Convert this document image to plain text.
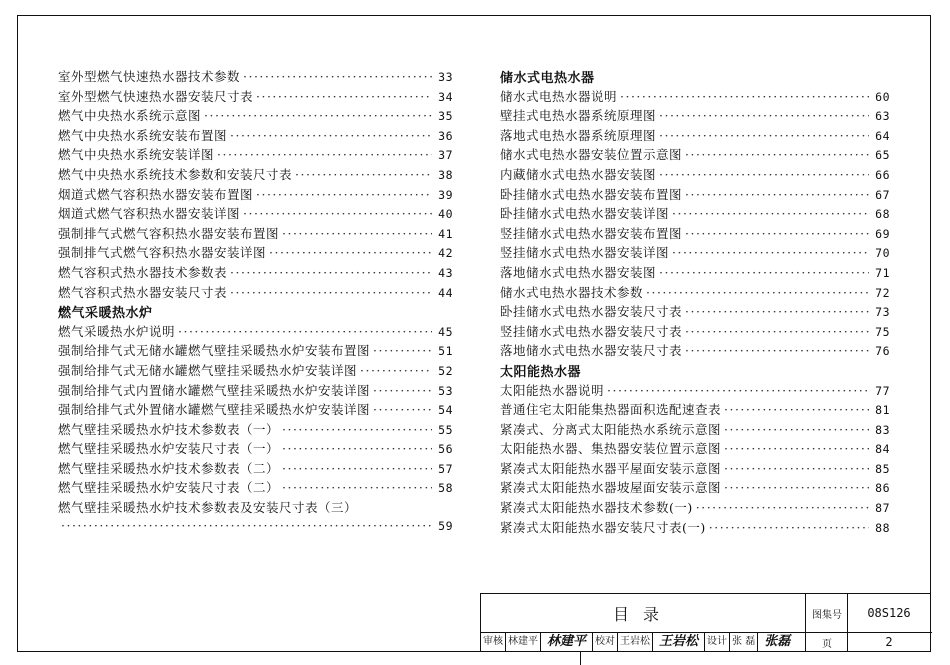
室外型燃气快速热水器技术参数 ·····	33
室外型燃气快速热水器安装尺寸表 ·····	34
燃气中央热水系统示意图 ·····	35
燃气中央热水系统安装布置图 ·····	36
燃气中央热水系统安装详图 ·····	37
燃气中央热水系统技术参数和安装尺寸表 ·····	38
烟道式燃气容积热水器安装布置图 ·····	39
烟道式燃气容积热水器安装详图 ·····	40
强制排气式燃气容积热水器安装布置图 ·····	41
强制排气式燃气容积热水器安装详图 ·····	42
燃气容积式热水器技术参数表 ·····	43
燃气容积式热水器安装尺寸表 ·····	44
燃气采暖热水炉
燃气采暖热水炉说明 ·····	45
强制给排气式无储水罐燃气壁挂采暖热水炉安装布置图 ·····	51
强制给排气式无储水罐燃气壁挂采暖热水炉安装详图 ·····	52
强制给排气式内置储水罐燃气壁挂采暖热水炉安装详图 ·····	53
强制给排气式外置储水罐燃气壁挂采暖热水炉安装详图 ·····	54
燃气壁挂采暖热水炉技术参数表（一） ·····	55
燃气壁挂采暖热水炉安装尺寸表（一） ·····	56
燃气壁挂采暖热水炉技术参数表（二） ·····	57
燃气壁挂采暖热水炉安装尺寸表（二） ·····	58
燃气壁挂采暖热水炉技术参数表及安装尺寸表（三）
·····
59
储水式电热水器
储水式电热水器说明 ·····	60
壁挂式电热水器系统原理图 ·····	63
落地式电热水器系统原理图 ·····	64
储水式电热水器安装位置示意图 ·····	65
内藏储水式电热水器安装图 ·····	66
卧挂储水式电热水器安装布置图 ·····	67
卧挂储水式电热水器安装详图 ·····	68
竖挂储水式电热水器安装布置图 ·····	69
竖挂储水式电热水器安装详图 ·····	70
落地储水式电热水器安装图 ·····	71
储水式电热水器技术参数 ·····	72
卧挂储水式电热水器安装尺寸表 ·····	73
竖挂储水式电热水器安装尺寸表 ·····	75
落地储水式电热水器安装尺寸表 ·····	76
太阳能热水器
太阳能热水器说明 ·····	77
普通住宅太阳能集热器面积选配速查表 ·····	81
紧凑式、分离式太阳能热水系统示意图 ·····	83
太阳能热水器、集热器安装位置示意图 ·····	84
紧凑式太阳能热水器平屋面安装示意图 ·····	85
紧凑式太阳能热水器坡屋面安装示意图 ·····	86
紧凑式太阳能热水器技术参数(一) ·····	87
紧凑式太阳能热水器安装尺寸表(一) ·····	88
目录	图集号	08S126
页	2
审核 林建平 林建平 校对 王岩松 王岩松 设计 张 磊 张磊
